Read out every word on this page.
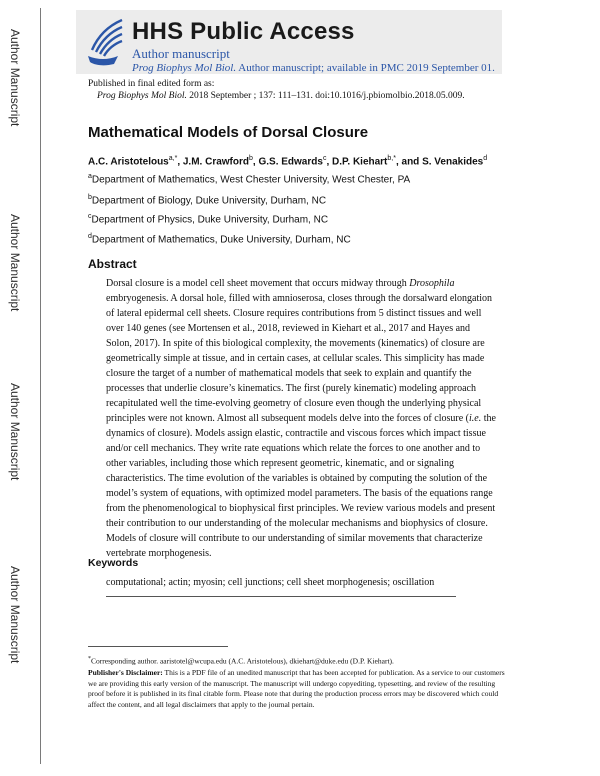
Author Manuscript
Author Manuscript
Author Manuscript
Author Manuscript
HHS Public Access
Author manuscript
Prog Biophys Mol Biol. Author manuscript; available in PMC 2019 September 01.
Published in final edited form as:
Prog Biophys Mol Biol. 2018 September ; 137: 111–131. doi:10.1016/j.pbiomolbio.2018.05.009.
Mathematical Models of Dorsal Closure
A.C. Aristotelous$^{a,*}$, J.M. Crawford$^b$, G.S. Edwards$^c$, D.P. Kiehart$^{b,*}$, and S. Venakides$^d$
$^a$Department of Mathematics, West Chester University, West Chester, PA
$^b$Department of Biology, Duke University, Durham, NC
$^c$Department of Physics, Duke University, Durham, NC
$^d$Department of Mathematics, Duke University, Durham, NC
Abstract
Dorsal closure is a model cell sheet movement that occurs midway through Drosophila embryogenesis. A dorsal hole, filled with amnioserosa, closes through the dorsalward elongation of lateral epidermal cell sheets. Closure requires contributions from 5 distinct tissues and well over 140 genes (see Mortensen et al., 2018, reviewed in Kiehart et al., 2017 and Hayes and Solon, 2017). In spite of this biological complexity, the movements (kinematics) of closure are geometrically simple at tissue, and in certain cases, at cellular scales. This simplicity has made closure the target of a number of mathematical models that seek to explain and quantify the processes that underlie closure’s kinematics. The first (purely kinematic) modeling approach recapitulated well the time-evolving geometry of closure even though the underlying physical principles were not known. Almost all subsequent models delve into the forces of closure (i.e. the dynamics of closure). Models assign elastic, contractile and viscous forces which impact tissue and/or cell mechanics. They write rate equations which relate the forces to one another and to other variables, including those which represent geometric, kinematic, and or signaling characteristics. The time evolution of the variables is obtained by computing the solution of the model’s system of equations, with optimized model parameters. The basis of the equations range from the phenomenological to biophysical first principles. We review various models and present their contribution to our understanding of the molecular mechanisms and biophysics of closure. Models of closure will contribute to our understanding of similar movements that characterize vertebrate morphogenesis.
Keywords
computational; actin; myosin; cell junctions; cell sheet morphogenesis; oscillation
*Corresponding author. aaristotel@wcupa.edu (A.C. Aristotelous), dkiehart@duke.edu (D.P. Kiehart).
Publisher's Disclaimer: This is a PDF file of an unedited manuscript that has been accepted for publication. As a service to our customers we are providing this early version of the manuscript. The manuscript will undergo copyediting, typesetting, and review of the resulting proof before it is published in its final citable form. Please note that during the production process errors may be discovered which could affect the content, and all legal disclaimers that apply to the journal pertain.
